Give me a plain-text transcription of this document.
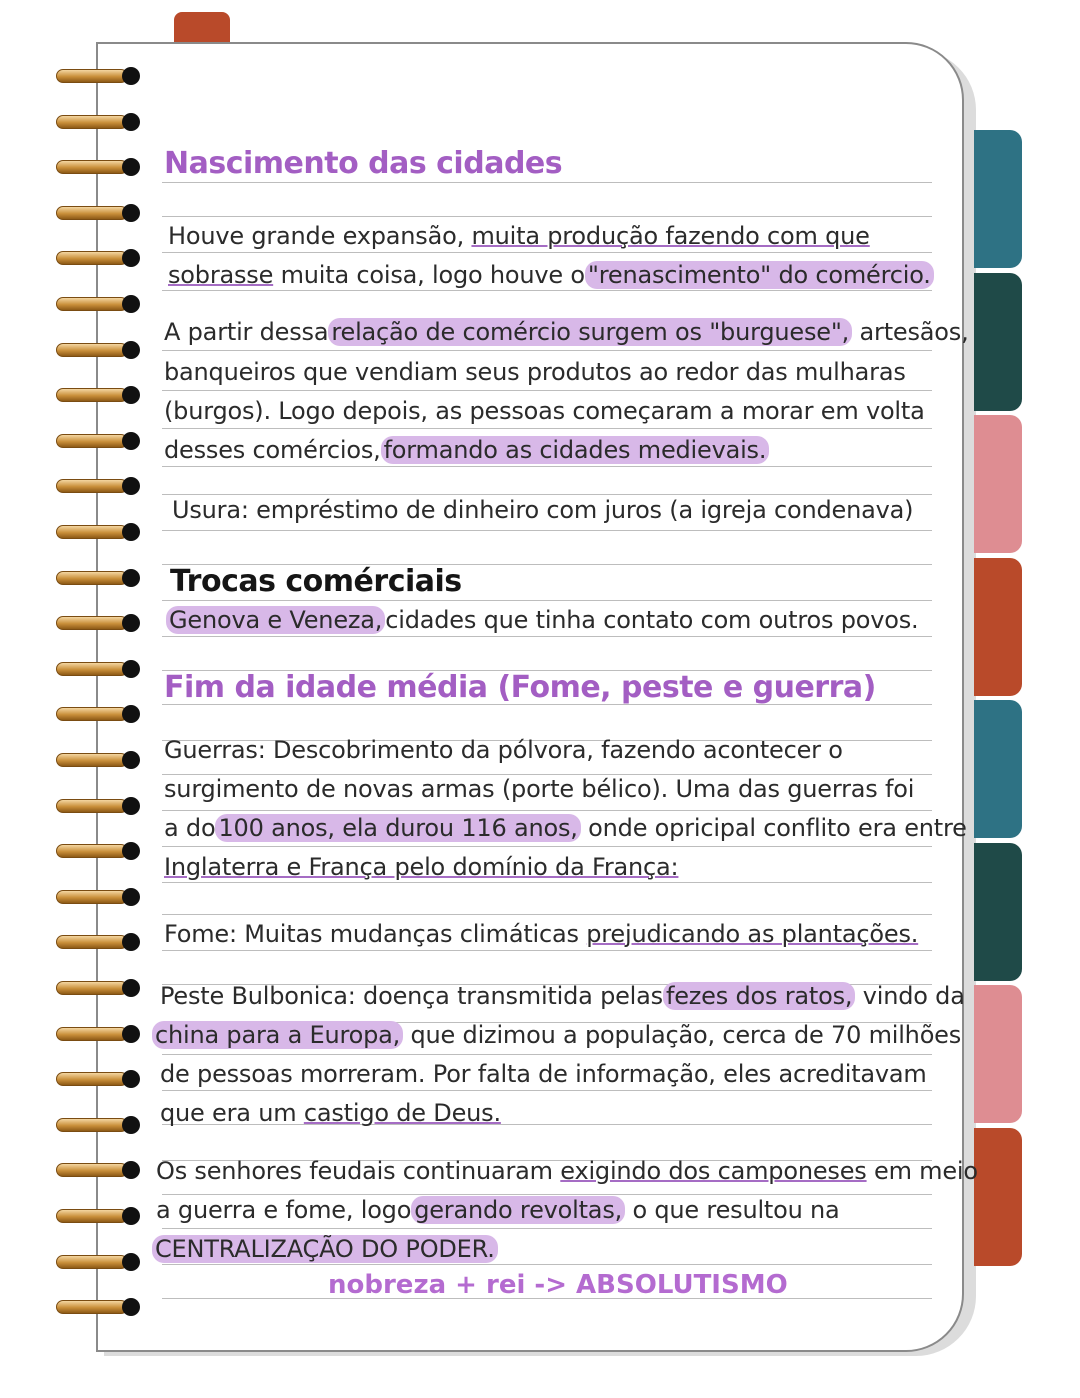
Nascimento das cidades
Houve grande expansão, muita produção fazendo com que
sobrasse muita coisa, logo houve o "renascimento" do comércio.
A partir dessa relação de comércio surgem os "burguese", artesãos,
banqueiros que vendiam seus produtos ao redor das mulharas
(burgos). Logo depois, as pessoas começaram a morar em volta
desses comércios, formando as cidades medievais.
Usura: empréstimo de dinheiro com juros (a igreja condenava)
Trocas comérciais
Genova e Veneza, cidades que tinha contato com outros povos.
Fim da idade média (Fome, peste e guerra)
Guerras: Descobrimento da pólvora, fazendo acontecer o
surgimento de novas armas (porte bélico). Uma das guerras foi
a do 100 anos, ela durou 116 anos, onde opricipal conflito era entre
Inglaterra e França pelo domínio da França:
Fome: Muitas mudanças climáticas prejudicando as plantações.
Peste Bulbonica: doença transmitida pelas fezes dos ratos, vindo da
china para a Europa, que dizimou a população, cerca de 70 milhões
de pessoas morreram. Por falta de informação, eles acreditavam
que era um castigo de Deus.
Os senhores feudais continuaram exigindo dos camponeses em meio
a guerra e fome, logo gerando revoltas, o que resultou na
CENTRALIZAÇÃO DO PODER.
nobreza + rei -> ABSOLUTISMO
